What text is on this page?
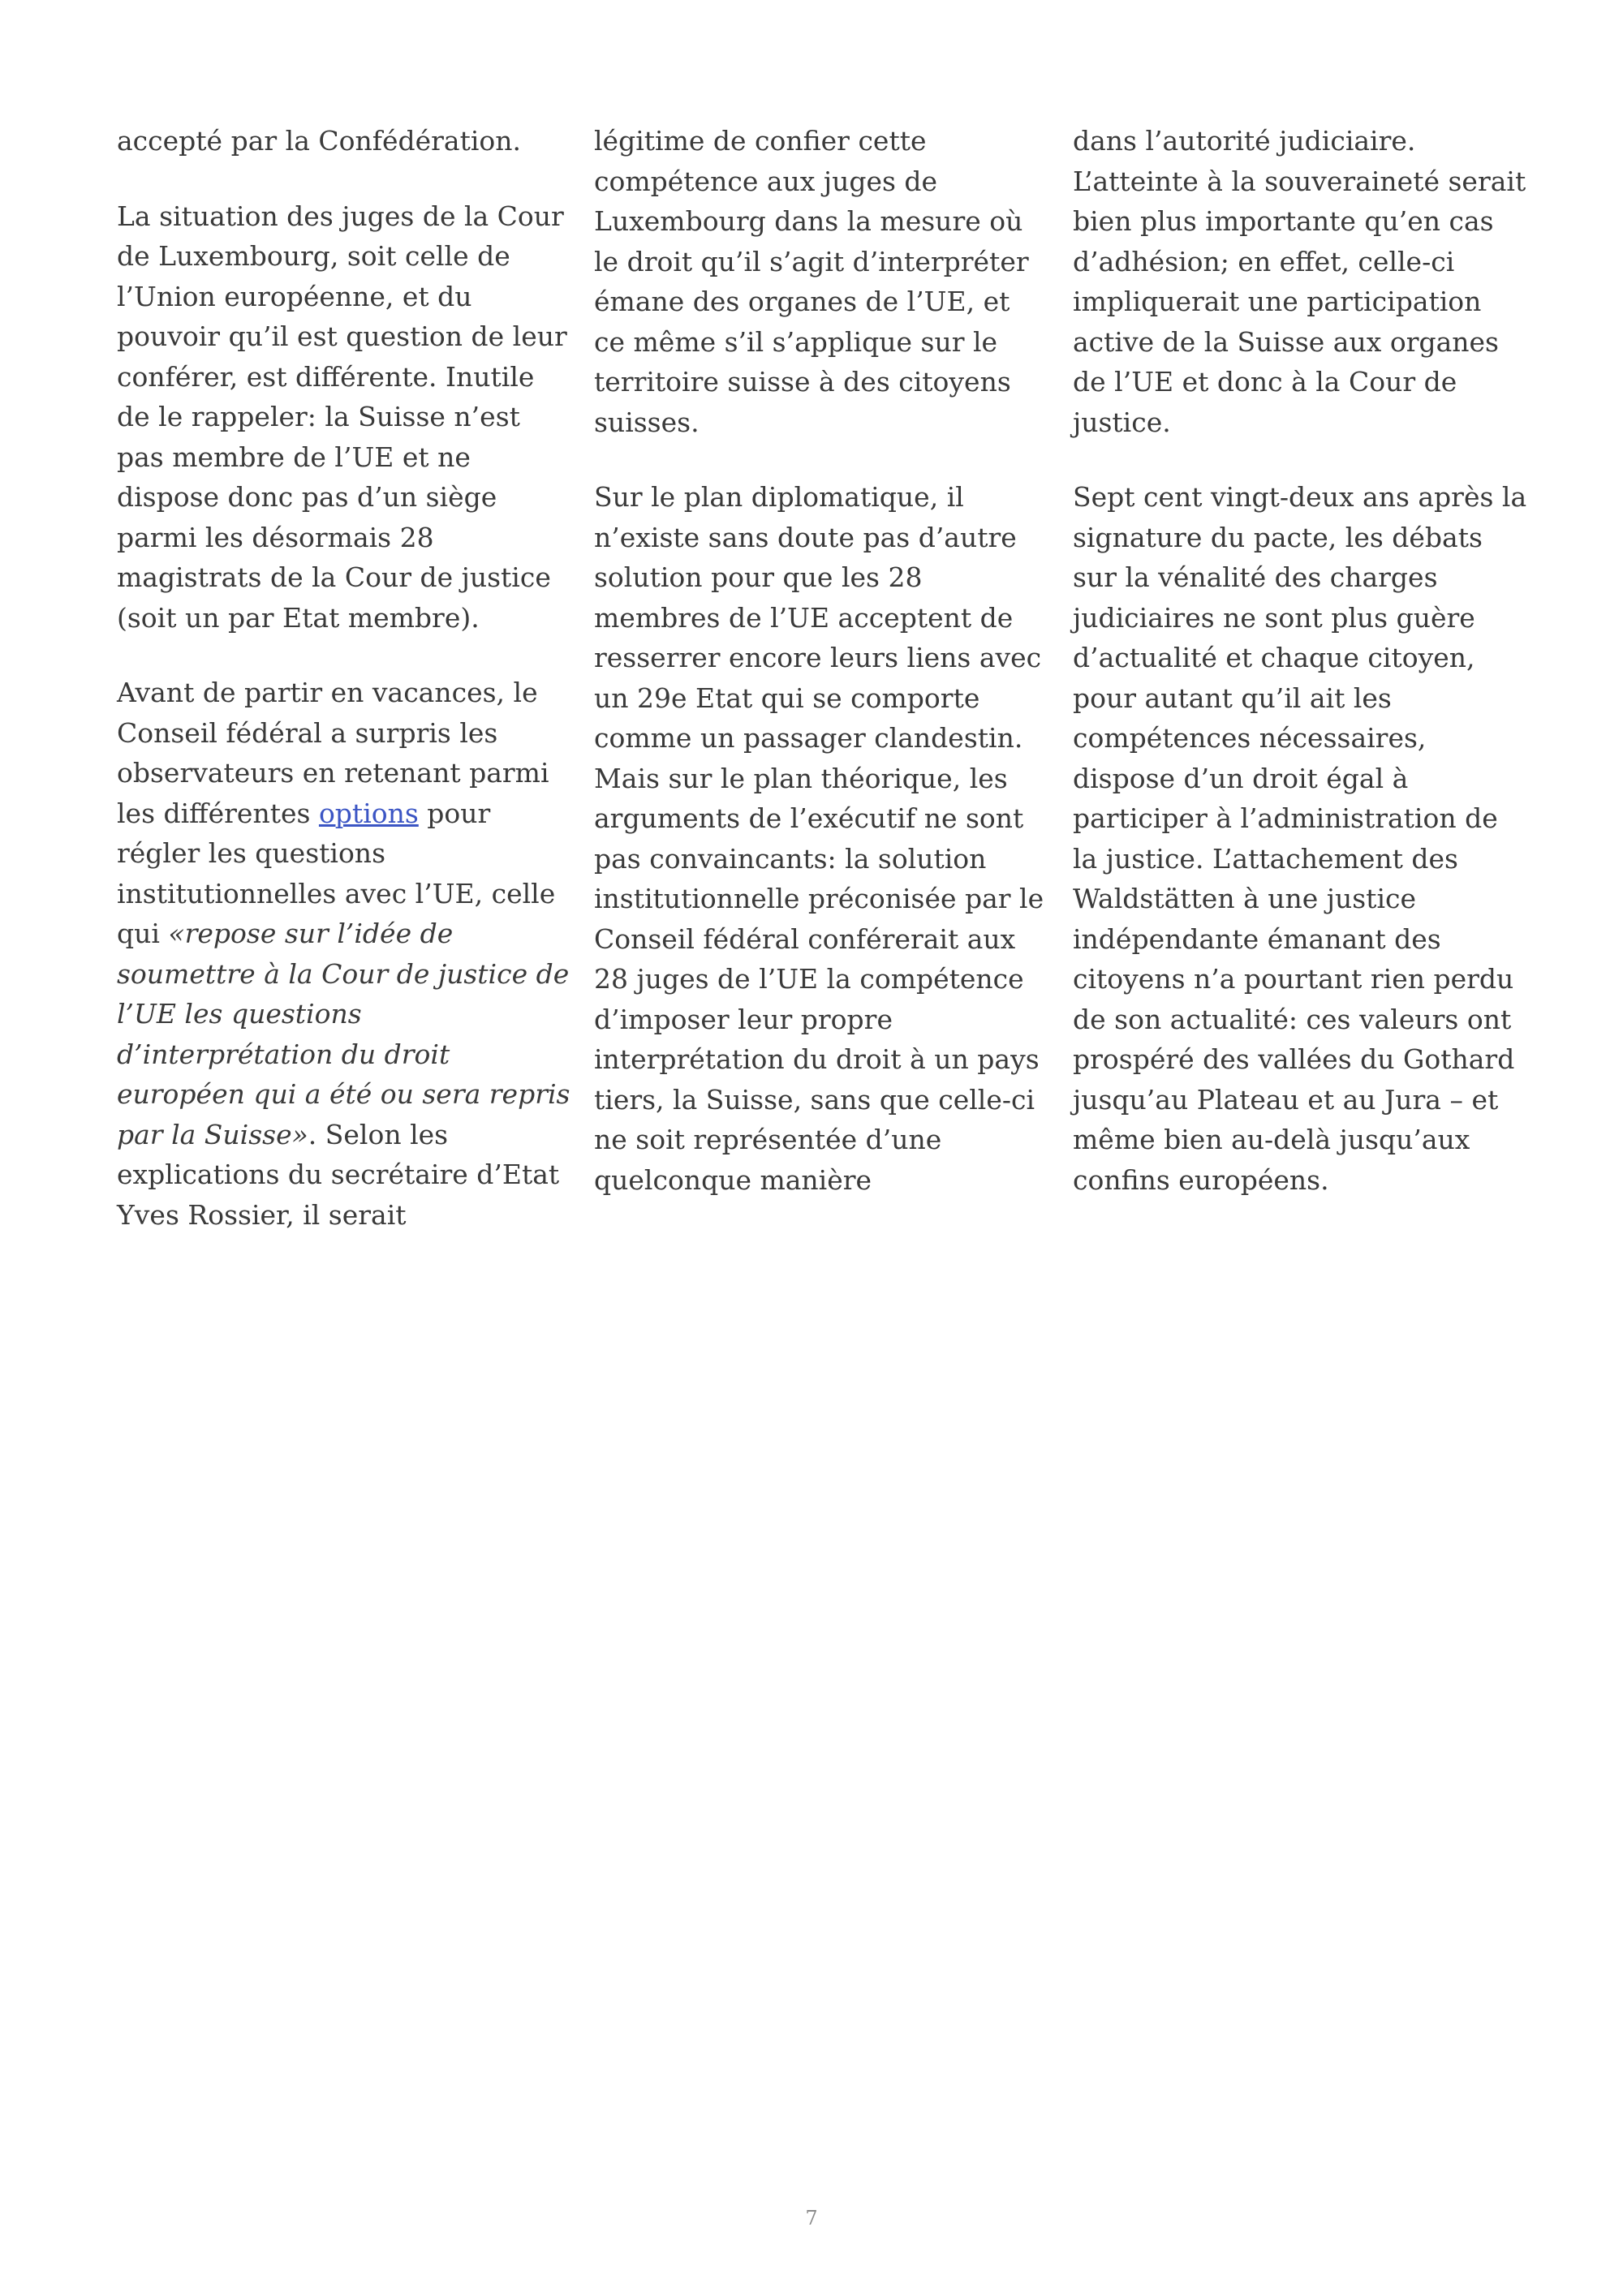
accepté par la Confédération.

La situation des juges de la Cour de Luxembourg, soit celle de l’Union européenne, et du pouvoir qu’il est question de leur conférer, est différente. Inutile de le rappeler: la Suisse n’est pas membre de l’UE et ne dispose donc pas d’un siège parmi les désormais 28 magistrats de la Cour de justice (soit un par Etat membre).

Avant de partir en vacances, le Conseil fédéral a surpris les observateurs en retenant parmi les différentes options pour régler les questions institutionnelles avec l’UE, celle qui «repose sur l’idée de soumettre à la Cour de justice de l’UE les questions d’interprétation du droit européen qui a été ou sera repris par la Suisse». Selon les explications du secrétaire d’Etat Yves Rossier, il serait

légitime de confier cette compétence aux juges de Luxembourg dans la mesure où le droit qu’il s’agit d’interpréter émane des organes de l’UE, et ce même s’il s’applique sur le territoire suisse à des citoyens suisses.

Sur le plan diplomatique, il n’existe sans doute pas d’autre solution pour que les 28 membres de l’UE acceptent de resserrer encore leurs liens avec un 29e Etat qui se comporte comme un passager clandestin. Mais sur le plan théorique, les arguments de l’exécutif ne sont pas convaincants: la solution institutionnelle préconisée par le Conseil fédéral conférerait aux 28 juges de l’UE la compétence d’imposer leur propre interprétation du droit à un pays tiers, la Suisse, sans que celle-ci ne soit représentée d’une quelconque manière

dans l’autorité judiciaire. L’atteinte à la souveraineté serait bien plus importante qu’en cas d’adhésion; en effet, celle-ci impliquerait une participation active de la Suisse aux organes de l’UE et donc à la Cour de justice.

Sept cent vingt-deux ans après la signature du pacte, les débats sur la vénalité des charges judiciaires ne sont plus guère d’actualité et chaque citoyen, pour autant qu’il ait les compétences nécessaires, dispose d’un droit égal à participer à l’administration de la justice. L’attachement des Waldstätten à une justice indépendante émanant des citoyens n’a pourtant rien perdu de son actualité: ces valeurs ont prospéré des vallées du Gothard jusqu’au Plateau et au Jura – et même bien au-delà jusqu’aux confins européens.

7
